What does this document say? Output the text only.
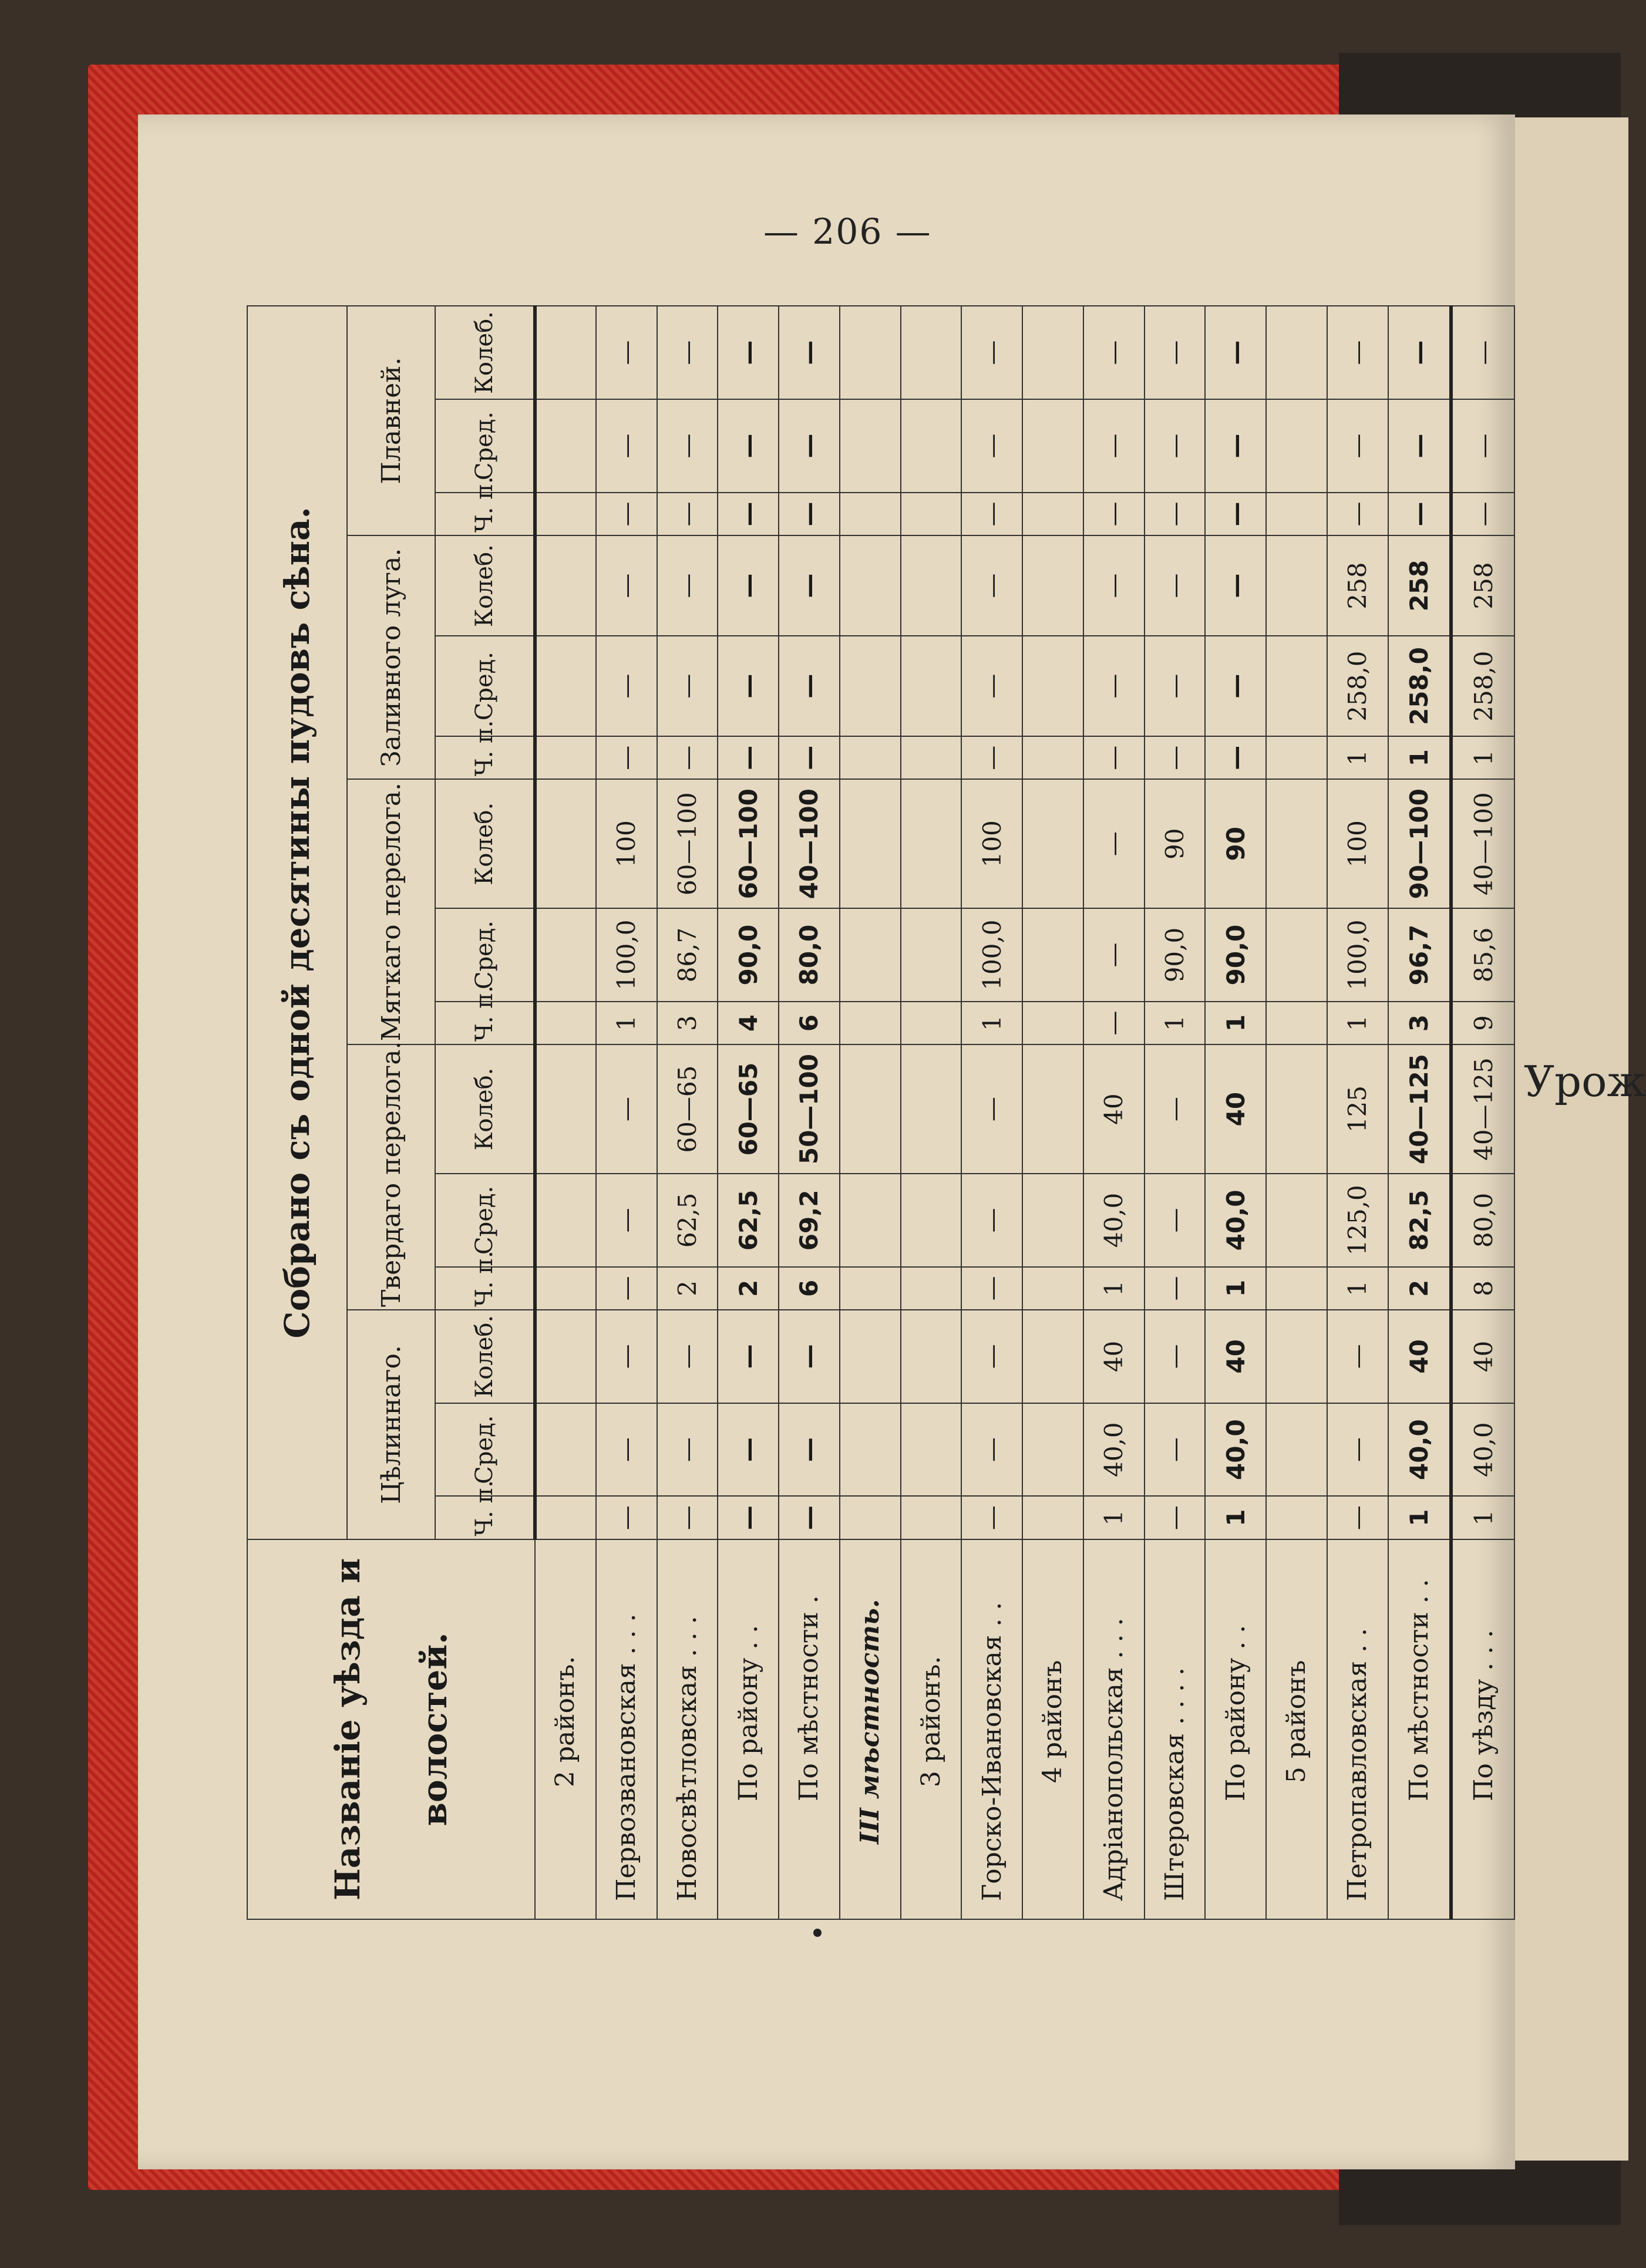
Урож
— 206 —
Названіе уѣзда и волостей.	Собрано съ одной десятины пудовъ сѣна.														
	Цѣлиннаго.			Твердаго перелога.			Мягкаго перелога.			Заливного луга.			Плавней.		
	Ч. п.	Сред.	Колеб.	Ч. п.	Сред.	Колеб.	Ч. п.	Сред.	Колеб.	Ч. п.	Сред.	Колеб.	Ч. п.	Сред.	Колеб.
2 районъ.															
Первозвановская . . .	—	—	—	—	—	—	1	100,0	100	—	—	—	—	—	—
Новосвѣтловская . . .	—	—	—	2	62,5	60—65	3	86,7	60—100	—	—	—	—	—	—
По району . .	—	—	—	2	62,5	60—65	4	90,0	60—100	—	—	—	—	—	—
По мѣстности .	—	—	—	6	69,2	50—100	6	80,0	40—100	—	—	—	—	—	—
III мѣстность.															
3 районъ.															
Горско-Ивановская . .	—	—	—	—	—	—	1	100,0	100	—	—	—	—	—	—
4 районъ															
Адріанопольская . . .	1	40,0	40	1	40,0	40	—	—	—	—	—	—	—	—	—
Штеровская . . . .	—	—	—	—	—	—	1	90,0	90	—	—	—	—	—	—
По району . .	1	40,0	40	1	40,0	40	1	90,0	90	—	—	—	—	—	—
5 районъ															
Петропавловская . .	—	—	—	1	125,0	125	1	100,0	100	1	258,0	258	—	—	—
По мѣстности . .	1	40,0	40	2	82,5	40—125	3	96,7	90—100	1	258,0	258	—	—	—
По уѣзду . . .	1	40,0	40	8	80,0	40—125	9	85,6	40—100	1	258,0	258	—	—	—
